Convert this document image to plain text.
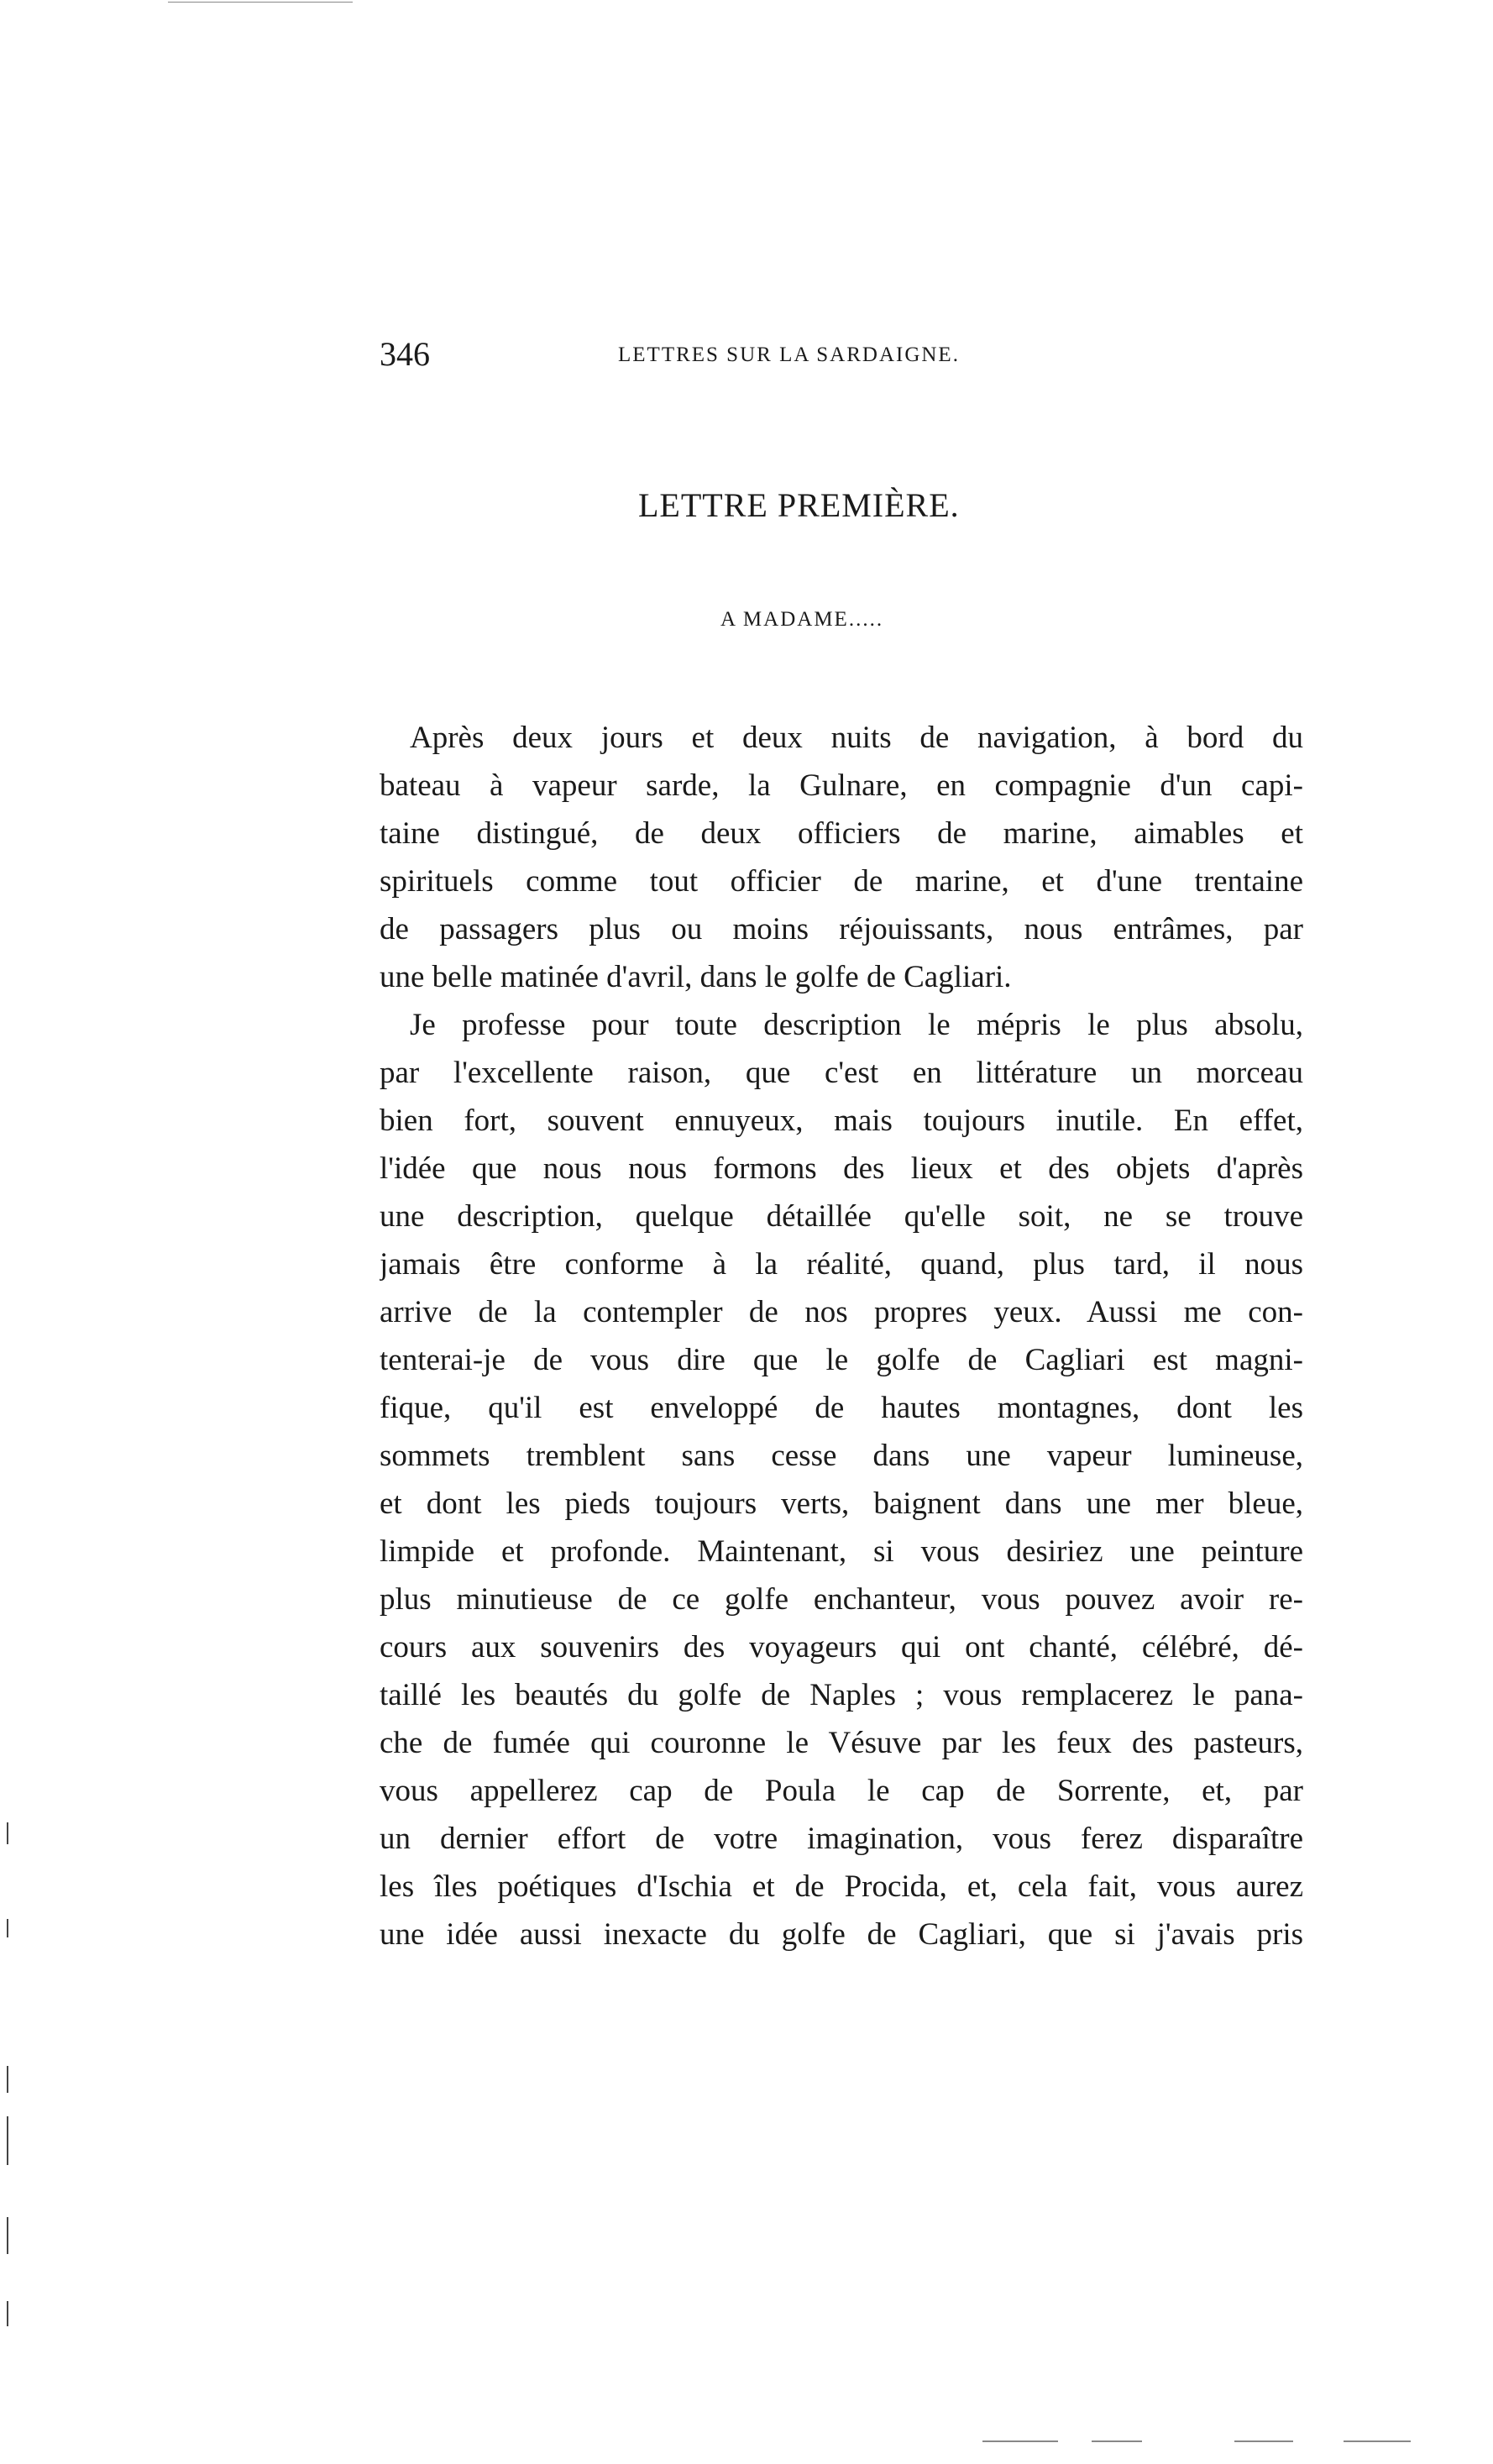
346	LETTRES SUR LA SARDAIGNE.
LETTRE PREMIÈRE.
A MADAME.....
Après deux jours et deux nuits de navigation, à bord du
bateau à vapeur sarde, la Gulnare, en compagnie d'un capi-
taine distingué, de deux officiers de marine, aimables et
spirituels comme tout officier de marine, et d'une trentaine
de passagers plus ou moins réjouissants, nous entrâmes, par
une belle matinée d'avril, dans le golfe de Cagliari.
Je professe pour toute description le mépris le plus absolu,
par l'excellente raison, que c'est en littérature un morceau
bien fort, souvent ennuyeux, mais toujours inutile. En effet,
l'idée que nous nous formons des lieux et des objets d'après
une description, quelque détaillée qu'elle soit, ne se trouve
jamais être conforme à la réalité, quand, plus tard, il nous
arrive de la contempler de nos propres yeux. Aussi me con-
tenterai-je de vous dire que le golfe de Cagliari est magni-
fique, qu'il est enveloppé de hautes montagnes, dont les
sommets tremblent sans cesse dans une vapeur lumineuse,
et dont les pieds toujours verts, baignent dans une mer bleue,
limpide et profonde. Maintenant, si vous desiriez une peinture
plus minutieuse de ce golfe enchanteur, vous pouvez avoir re-
cours aux souvenirs des voyageurs qui ont chanté, célébré, dé-
taillé les beautés du golfe de Naples ; vous remplacerez le pana-
che de fumée qui couronne le Vésuve par les feux des pasteurs,
vous appellerez cap de Poula le cap de Sorrente, et, par
un dernier effort de votre imagination, vous ferez disparaître
les îles poétiques d'Ischia et de Procida, et, cela fait, vous aurez
une idée aussi inexacte du golfe de Cagliari, que si j'avais pris
